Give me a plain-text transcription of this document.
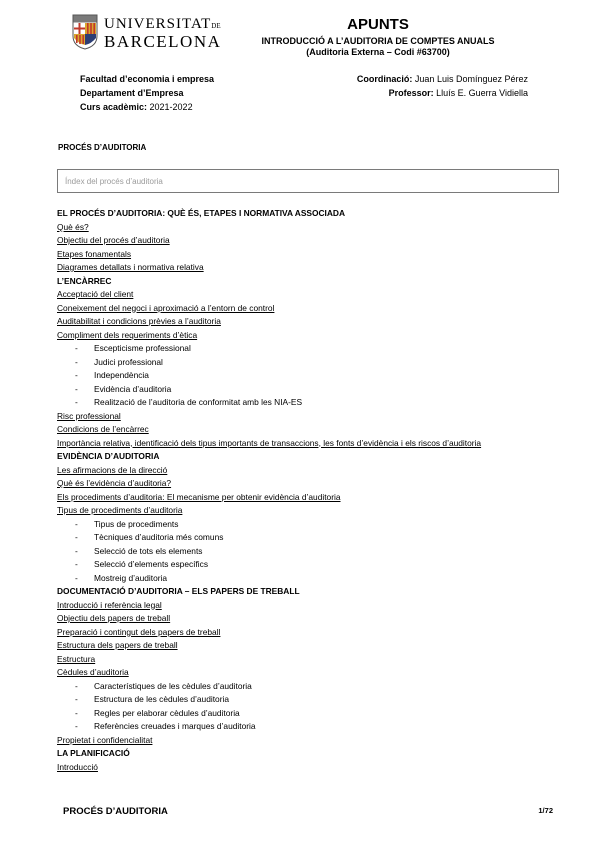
UNIVERSITATDE
BARCELONA
APUNTS
INTRODUCCIÓ A L’AUDITORIA DE COMPTES ANUALS
(Auditoria Externa – Codi #63700)
Facultad d’economia i empresa
Departament d’Empresa
Curs acadèmic: 2021-2022
Coordinació: Juan Luis Domínguez Pérez
Professor: Lluís E. Guerra Vidiella
PROCÉS D’AUDITORIA
Índex del procés d’auditoria
EL PROCÉS D’AUDITORIA: QUÈ ÉS, ETAPES I NORMATIVA ASSOCIADA
Què és?
Objectiu del procés d’auditoria
Etapes fonamentals
Diagrames detallats i normativa relativa
L’ENCÀRREC
Acceptació del client
Coneixement del negoci i aproximació a l’entorn de control
Auditabilitat i condicions prèvies a l’auditoria
Compliment dels requeriments d’ètica
- Escepticisme professional
- Judici professional
- Independència
- Evidència d’auditoria
- Realització de l’auditoria de conformitat amb les NIA-ES
Risc professional
Condicions de l’encàrrec
Importància relativa, identificació dels tipus importants de transaccions, les fonts d’evidència i els riscos d’auditoria
EVIDÈNCIA D’AUDITORIA
Les afirmacions de la direcció
Què és l’evidència d’auditoria?
Els procediments d’auditoria: El mecanisme per obtenir evidència d’auditoria
Tipus de procediments d’auditoria
- Tipus de procediments
- Tècniques d’auditoria més comuns
- Selecció de tots els elements
- Selecció d’elements específics
- Mostreig d’auditoria
DOCUMENTACIÓ D’AUDITORIA – ELS PAPERS DE TREBALL
Introducció i referència legal
Objectiu dels papers de treball
Preparació i contingut dels papers de treball
Estructura dels papers de treball
Estructura
Cèdules d’auditoria
- Característiques de les cèdules d’auditoria
- Estructura de les cèdules d’auditoria
- Regles per elaborar cèdules d’auditoria
- Referències creuades i marques d’auditoria
Propietat i confidencialitat
LA PLANIFICACIÓ
Introducció
PROCÉS D’AUDITORIA	1/72
